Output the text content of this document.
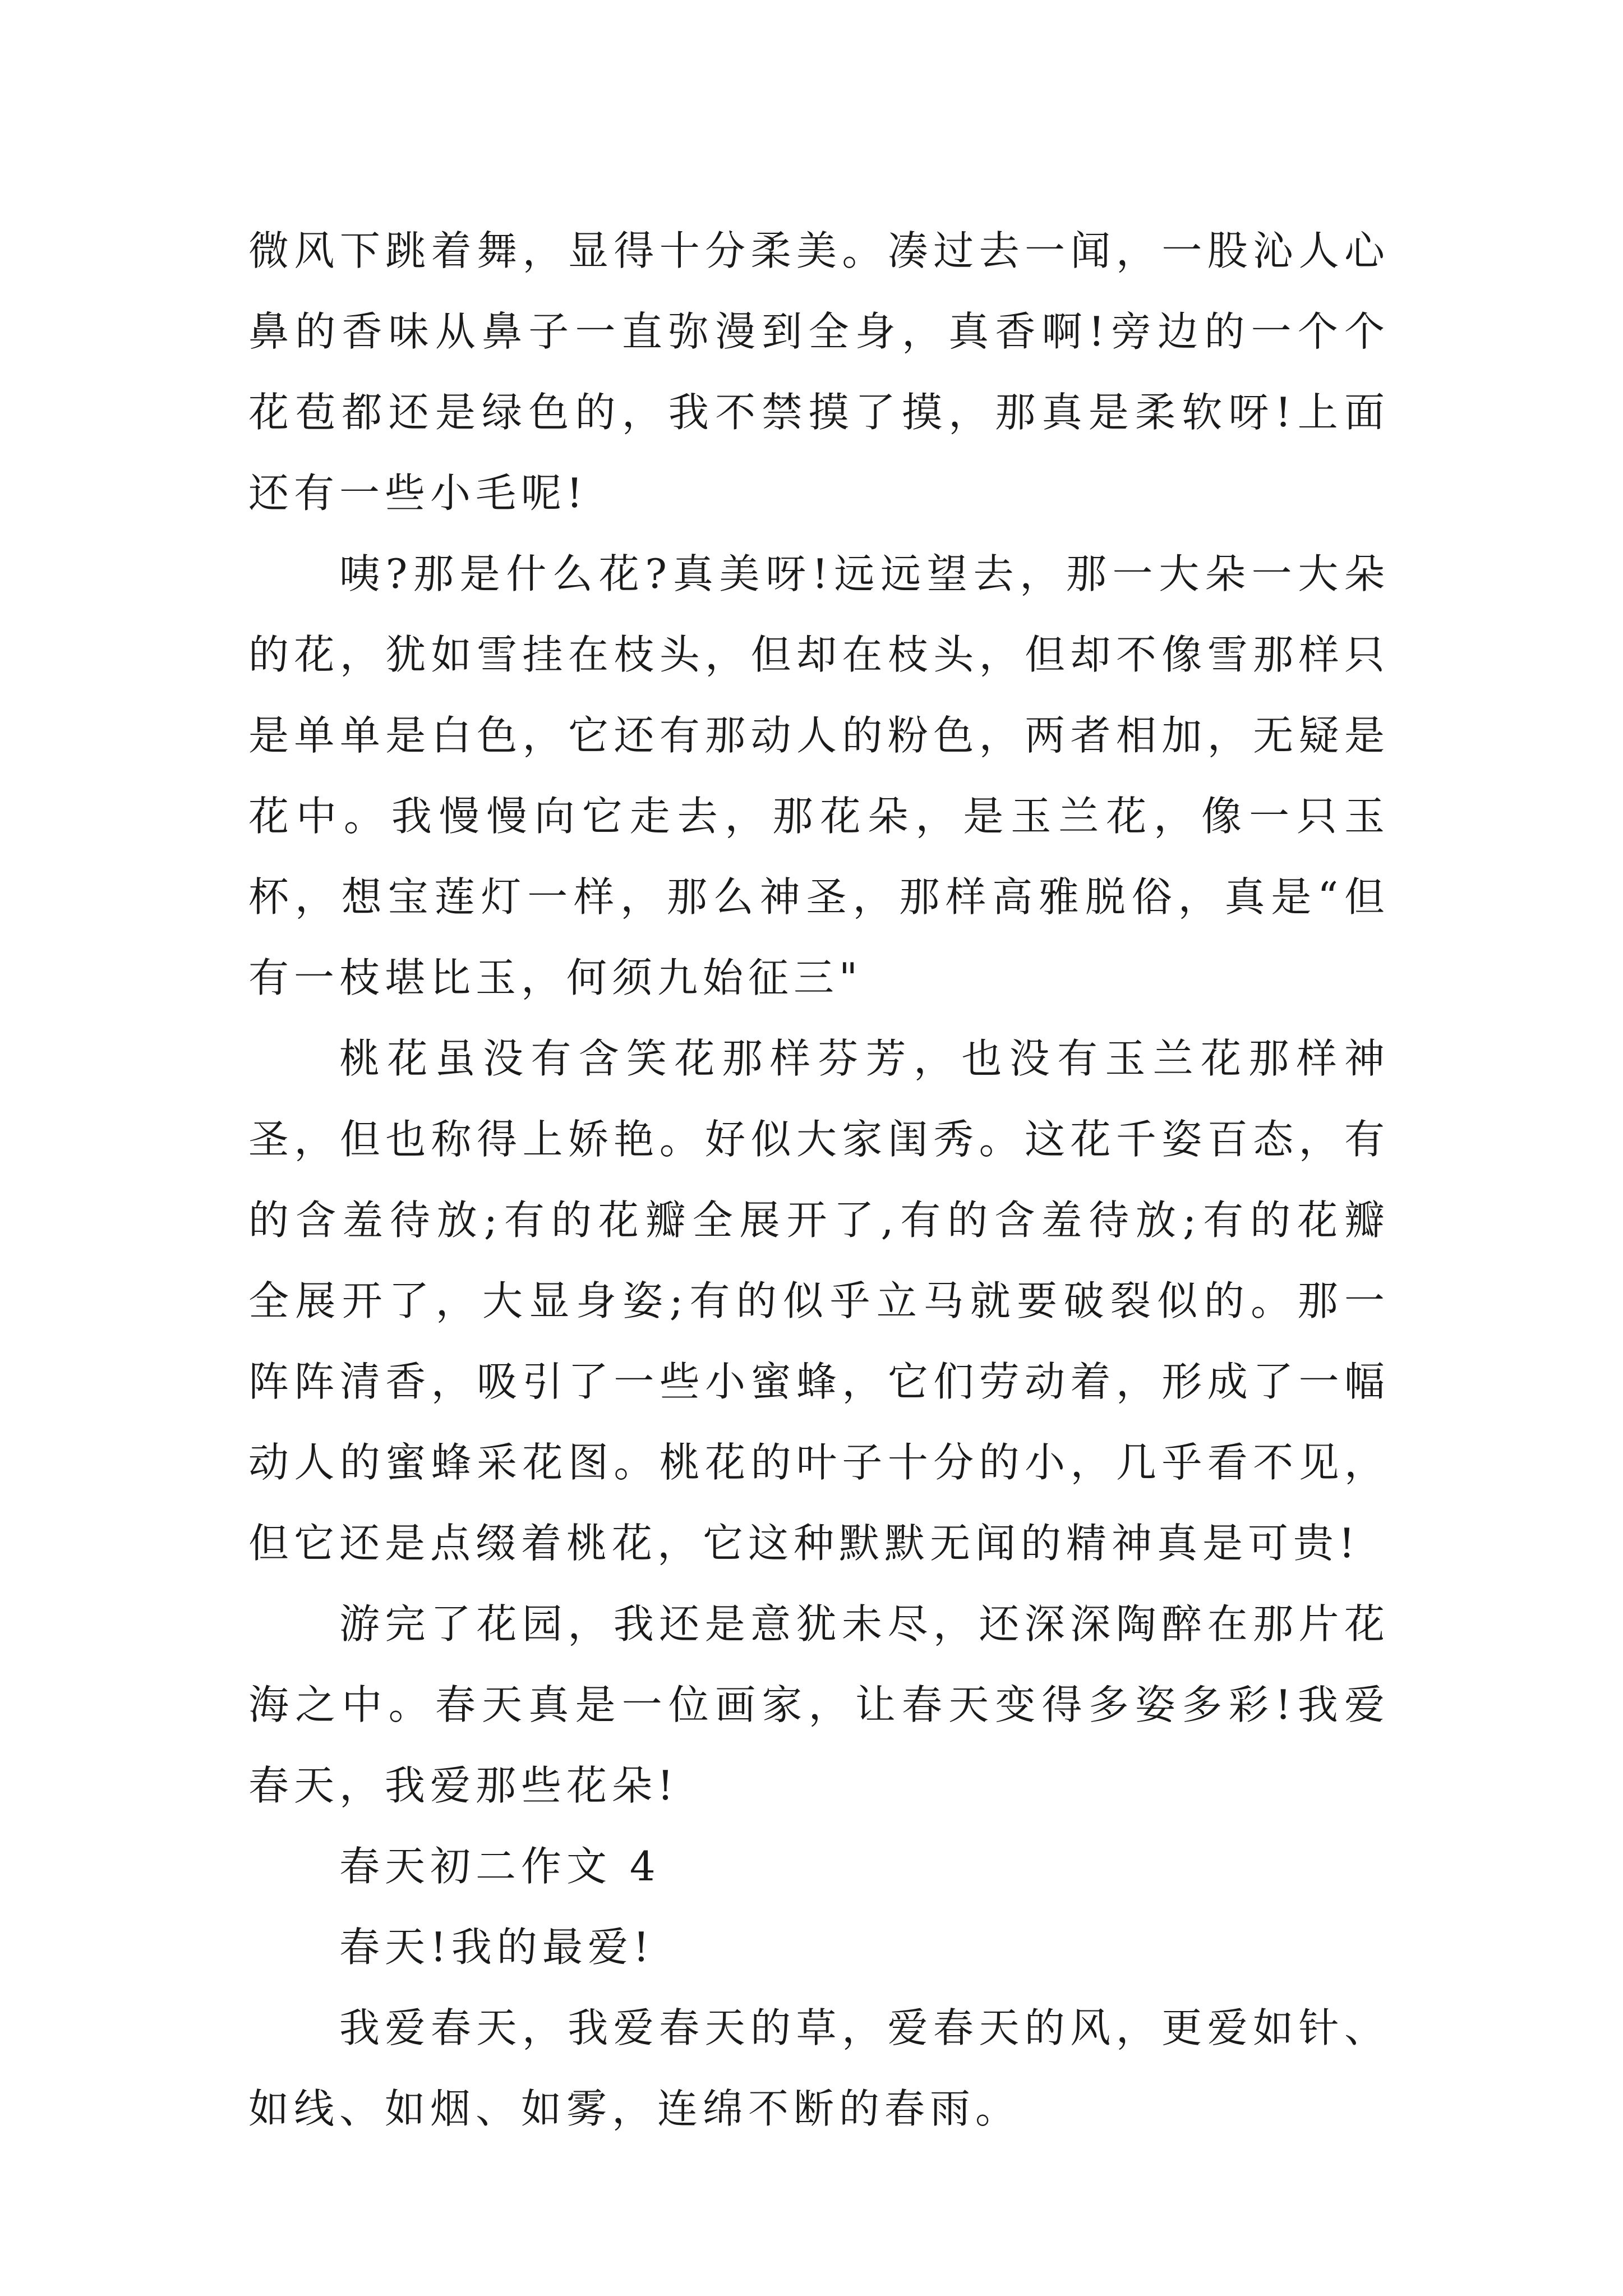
微风下跳着舞，显得十分柔美。凑过去一闻，一股沁人心鼻的香味从鼻子一直弥漫到全身，真香啊!旁边的一个个花苞都还是绿色的，我不禁摸了摸，那真是柔软呀!上面还有一些小毛呢!

咦?那是什么花?真美呀!远远望去，那一大朵一大朵的花，犹如雪挂在枝头，但却在枝头，但却不像雪那样只是单单是白色，它还有那动人的粉色，两者相加，无疑是花中。我慢慢向它走去，那花朵，是玉兰花，像一只玉杯，想宝莲灯一样，那么神圣，那样高雅脱俗，真是“但有一枝堪比玉，何须九始征三"

桃花虽没有含笑花那样芬芳，也没有玉兰花那样神圣，但也称得上娇艳。好似大家闺秀。这花千姿百态，有的含羞待放;有的花瓣全展开了,有的含羞待放;有的花瓣全展开了，大显身姿;有的似乎立马就要破裂似的。那一阵阵清香，吸引了一些小蜜蜂，它们劳动着，形成了一幅动人的蜜蜂采花图。桃花的叶子十分的小，几乎看不见，但它还是点缀着桃花，它这种默默无闻的精神真是可贵!

游完了花园，我还是意犹未尽，还深深陶醉在那片花海之中。春天真是一位画家，让春天变得多姿多彩!我爱春天，我爱那些花朵!

春天初二作文 4

春天!我的最爱!

我爱春天，我爱春天的草，爱春天的风，更爱如针、如线、如烟、如雾，连绵不断的春雨。
